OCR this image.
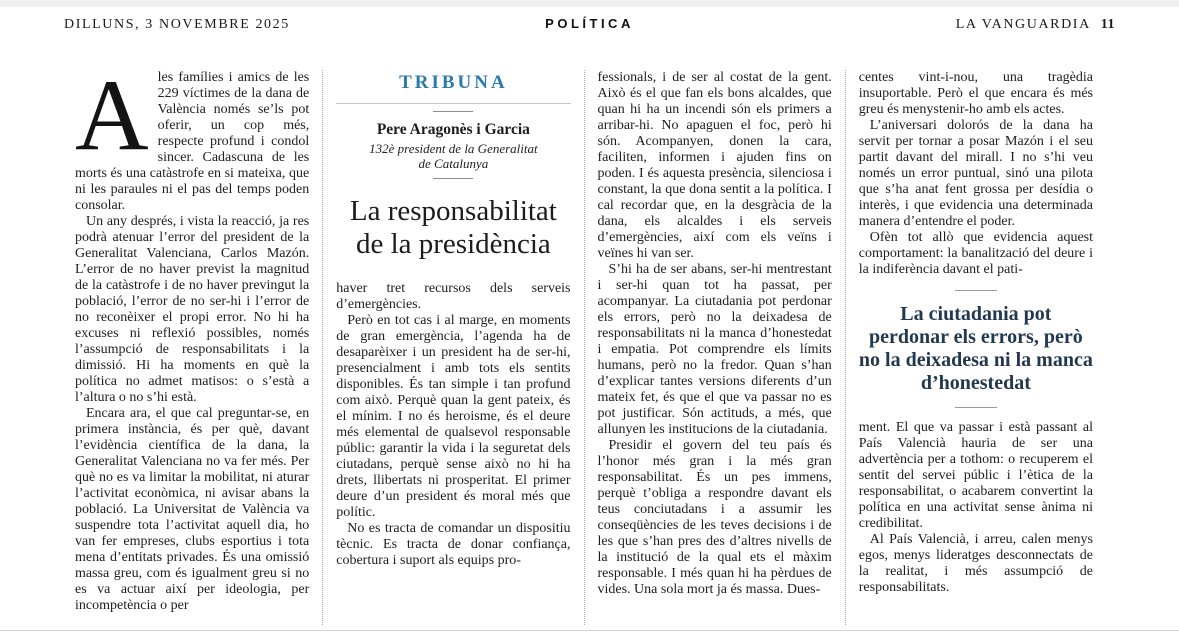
DILLUNS, 3 NOVEMBRE 2025	POLÍTICA	LA VANGUARDIA 11

Ales famílies i amics de les 229 víctimes de la dana de València només se’ls pot oferir, un cop més, respecte profund i condol sincer. Cadascuna de les morts és una catàstrofe en si mateixa, que ni les paraules ni el pas del temps poden consolar.

Un any després, i vista la reacció, ja res podrà atenuar l’error del president de la Generalitat Valenciana, Carlos Mazón. L’error de no haver previst la magnitud de la catàstrofe i de no haver previngut la població, l’error de no ser-hi i l’error de no reconèixer el propi error. No hi ha excuses ni reflexió possibles, només l’assumpció de responsabilitats i la dimissió. Hi ha moments en què la política no admet matisos: o s’està a l’altura o no s’hi està.

Encara ara, el que cal preguntar-se, en primera instància, és per què, davant l’evidència científica de la dana, la Generalitat Valenciana no va fer més. Per què no es va limitar la mobilitat, ni aturar l’activitat econòmica, ni avisar abans la població. La Universitat de València va suspendre tota l’activitat aquell dia, ho van fer empreses, clubs esportius i tota mena d’entitats privades. És una omissió massa greu, com és igualment greu si no es va actuar així per ideologia, per incompetència o per

TRIBUNA

Pere Aragonès i Garcia

132è president de la Generalitat
de Catalunya

La responsabilitat de la presidència

haver tret recursos dels serveis d’emergències.

Però en tot cas i al marge, en moments de gran emergència, l’agenda ha de desaparèixer i un president ha de ser-hi, presencialment i amb tots els sentits disponibles. És tan simple i tan profund com això. Perquè quan la gent pateix, és el mínim. I no és heroisme, és el deure més elemental de qualsevol responsable públic: garantir la vida i la seguretat dels ciutadans, perquè sense això no hi ha drets, llibertats ni prosperitat. El primer deure d’un president és moral més que polític.

No es tracta de comandar un dispositiu tècnic. Es tracta de donar confiança, cobertura i suport als equips pro-

fessionals, i de ser al costat de la gent. Això és el que fan els bons alcaldes, que quan hi ha un incendi són els primers a arribar-hi. No apaguen el foc, però hi són. Acompanyen, donen la cara, faciliten, informen i ajuden fins on poden. I és aquesta presència, silenciosa i constant, la que dona sentit a la política. I cal recordar que, en la desgràcia de la dana, els alcaldes i els serveis d’emergències, així com els veïns i veïnes hi van ser.

S’hi ha de ser abans, ser-hi mentrestant i ser-hi quan tot ha passat, per acompanyar. La ciutadania pot perdonar els errors, però no la deixadesa de responsabilitats ni la manca d’honestedat i empatia. Pot comprendre els límits humans, però no la fredor. Quan s’han d’explicar tantes versions diferents d’un mateix fet, és que el que va passar no es pot justificar. Són actituds, a més, que allunyen les institucions de la ciutadania.

Presidir el govern del teu país és l’honor més gran i la més gran responsabilitat. És un pes immens, perquè t’obliga a respondre davant els teus conciutadans i a assumir les conseqüències de les teves decisions i de les que s’han pres des d’altres nivells de la institució de la qual ets el màxim responsable. I més quan hi ha pèrdues de vides. Una sola mort ja és massa. Dues-

centes vint-i-nou, una tragèdia insuportable. Però el que encara és més greu és menystenir-ho amb els actes.

L’aniversari dolorós de la dana ha servit per tornar a posar Mazón i el seu partit davant del mirall. I no s’hi veu només un error puntual, sinó una pilota que s’ha anat fent grossa per desídia o interès, i que evidencia una determinada manera d’entendre el poder.

Ofèn tot allò que evidencia aquest comportament: la banalització del deure i la indiferència davant el pati-

La ciutadania pot perdonar els errors, però no la deixadesa ni la manca d’honestedat

ment. El que va passar i està passant al País Valencià hauria de ser una advertència per a tothom: o recuperem el sentit del servei públic i l’ètica de la responsabilitat, o acabarem convertint la política en una activitat sense ànima ni credibilitat.

Al País Valencià, i arreu, calen menys egos, menys lideratges desconnectats de la realitat, i més assumpció de responsabilitats.
